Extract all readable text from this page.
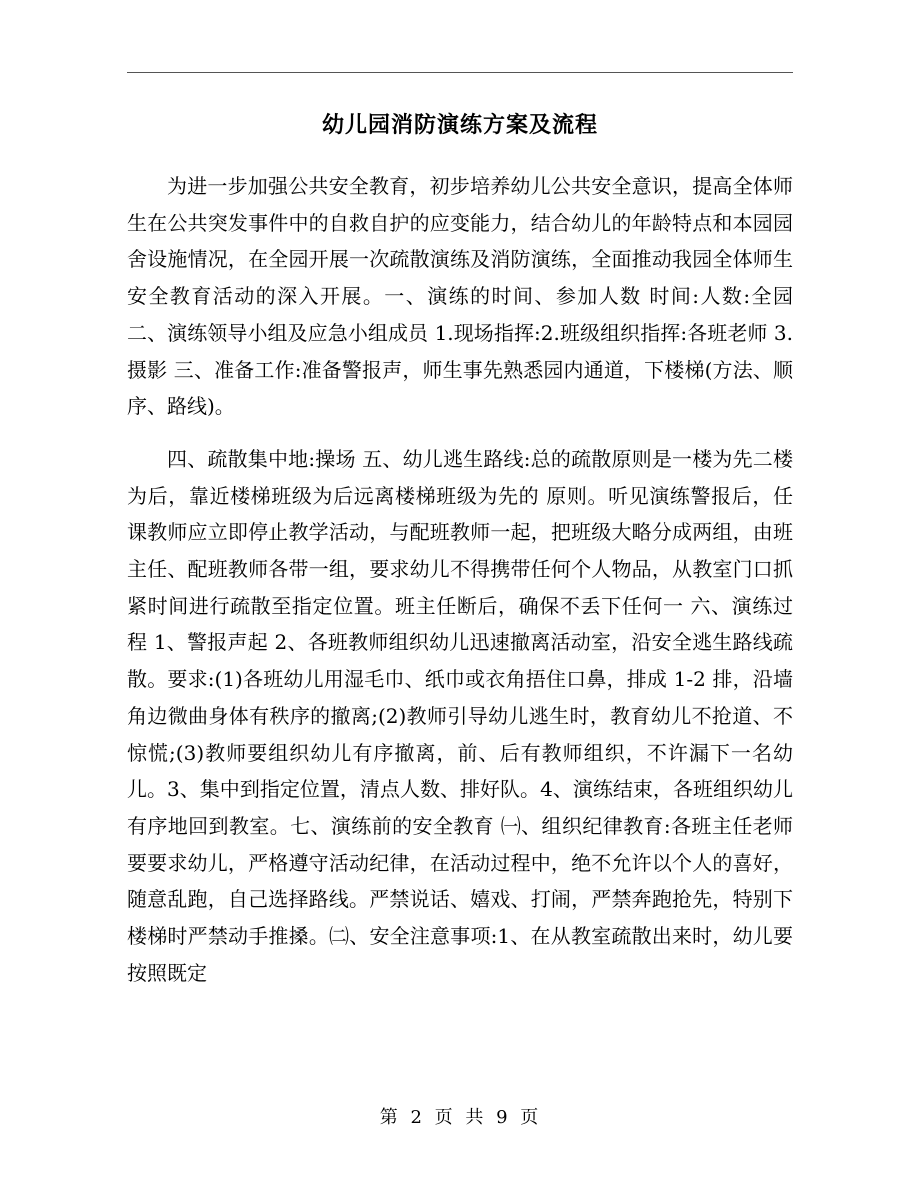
幼儿园消防演练方案及流程

为进一步加强公共安全教育，初步培养幼儿公共安全意识，提高全体师生在公共突发事件中的自救自护的应变能力，结合幼儿的年龄特点和本园园舍设施情况，在全园开展一次疏散演练及消防演练，全面推动我园全体师生安全教育活动的深入开展。一、演练的时间、参加人数 时间:人数:全园 二、演练领导小组及应急小组成员 1.现场指挥:2.班级组织指挥:各班老师 3.摄影 三、准备工作:准备警报声，师生事先熟悉园内通道，下楼梯(方法、顺序、路线)。

四、疏散集中地:操场 五、幼儿逃生路线:总的疏散原则是一楼为先二楼为后，靠近楼梯班级为后远离楼梯班级为先的 原则。听见演练警报后，任课教师应立即停止教学活动，与配班教师一起，把班级大略分成两组，由班主任、配班教师各带一组，要求幼儿不得携带任何个人物品，从教室门口抓紧时间进行疏散至指定位置。班主任断后，确保不丢下任何一 六、演练过程 1、警报声起 2、各班教师组织幼儿迅速撤离活动室，沿安全逃生路线疏散。要求:(1)各班幼儿用湿毛巾、纸巾或衣角捂住口鼻，排成 1-2 排，沿墙角边微曲身体有秩序的撤离;(2)教师引导幼儿逃生时，教育幼儿不抢道、不惊慌;(3)教师要组织幼儿有序撤离，前、后有教师组织，不许漏下一名幼儿。3、集中到指定位置，清点人数、排好队。4、演练结束，各班组织幼儿有序地回到教室。七、演练前的安全教育 ㈠、组织纪律教育:各班主任老师要要求幼儿，严格遵守活动纪律，在活动过程中，绝不允许以个人的喜好，随意乱跑，自己选择路线。严禁说话、嬉戏、打闹，严禁奔跑抢先，特别下楼梯时严禁动手推搡。㈡、安全注意事项:1、在从教室疏散出来时，幼儿要按照既定

第 2 页 共 9 页
